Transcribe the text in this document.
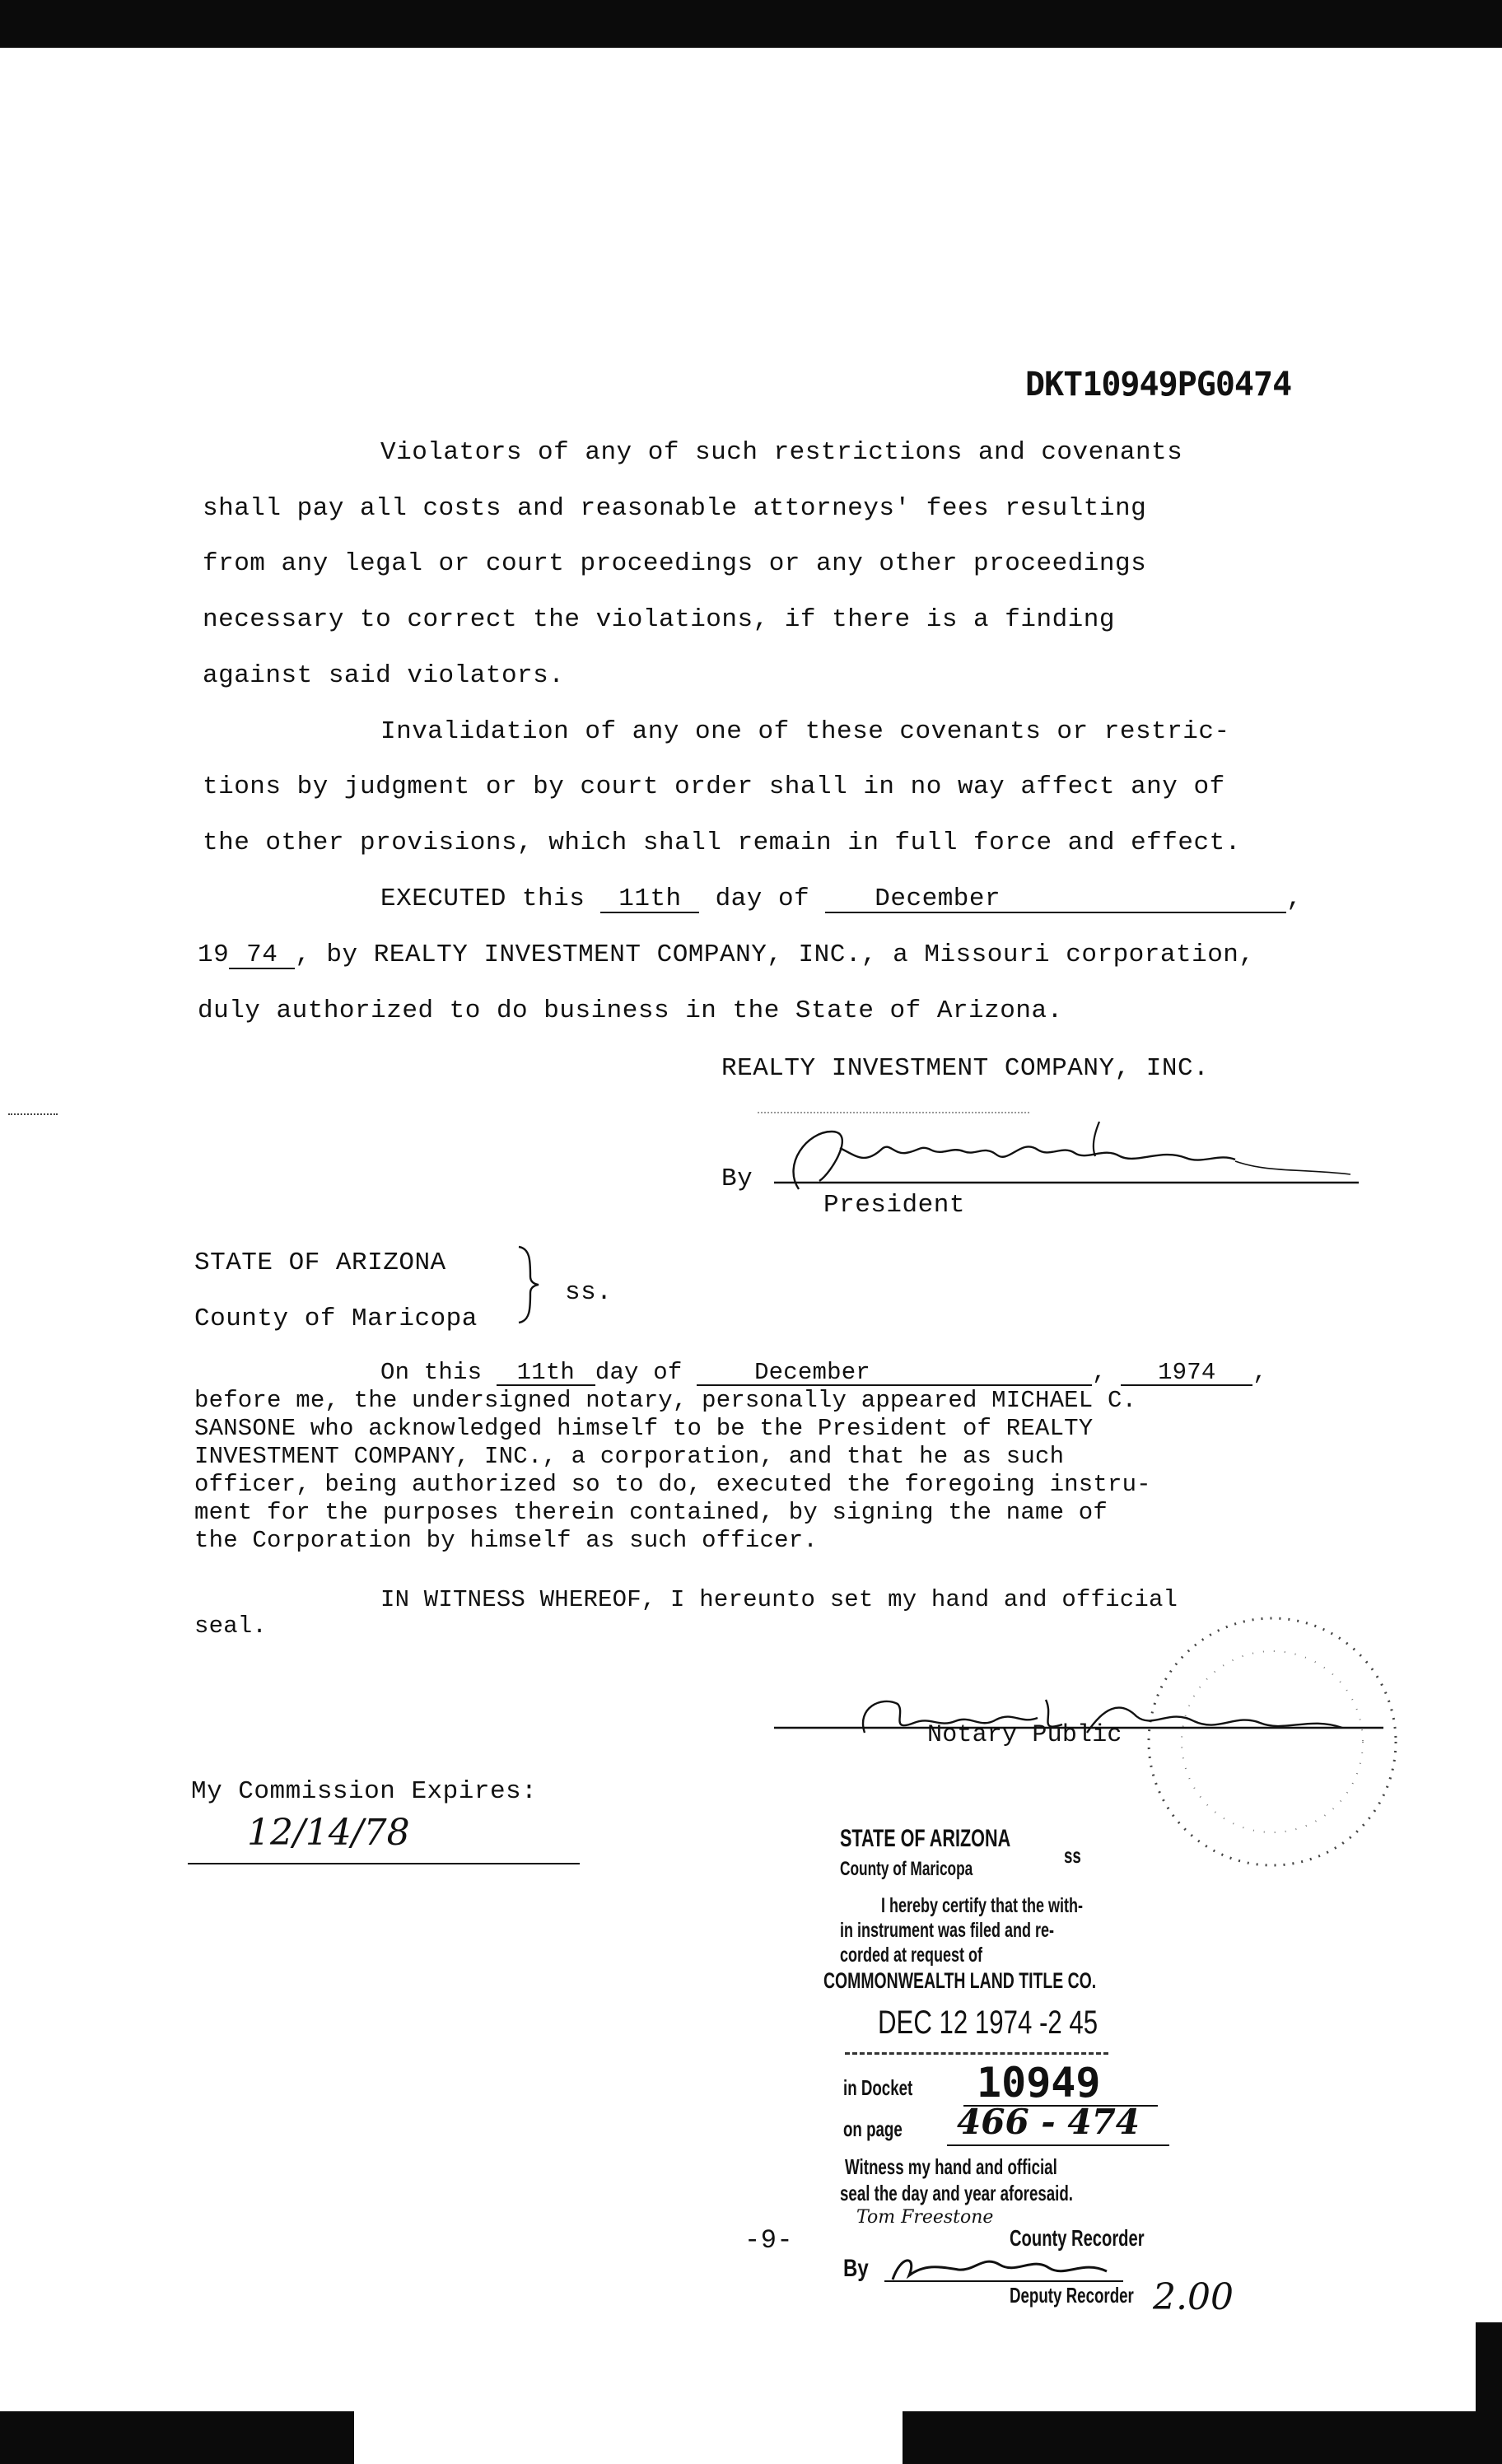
DKT10949PG0474
Violators of any of such restrictions and covenants
shall pay all costs and reasonable attorneys' fees resulting
from any legal or court proceedings or any other proceedings
necessary to correct the violations, if there is a finding
against said violators.
Invalidation of any one of these covenants or restric-
tions by judgment or by court order shall in no way affect any of
the other provisions, which shall remain in full force and effect.
EXECUTED this 11th day of	December	,
19 74 , by REALTY INVESTMENT COMPANY, INC., a Missouri corporation,
duly authorized to do business in the State of Arizona.
REALTY INVESTMENT COMPANY, INC.
By
President
STATE OF ARIZONA
County of Maricopa
ss.
On this 11th day of	December	, 1974 ,
before me, the undersigned notary, personally appeared MICHAEL C.
SANSONE who acknowledged himself to be the President of REALTY
INVESTMENT COMPANY, INC., a corporation, and that he as such
officer, being authorized so to do, executed the foregoing instru-
ment for the purposes therein contained, by signing the name of
the Corporation by himself as such officer.
IN WITNESS WHEREOF, I hereunto set my hand and official
seal.
Notary Public
My Commission Expires:
12/14/78	STATE OF ARIZONA
County of Maricopa
ss
I hereby certify that the with-
in instrument was filed and re-
corded at request of
COMMONWEALTH LAND TITLE CO.
DEC 12 1974 -2 45
in Docket 10949
on page 466 - 474
Witness my hand and official
seal the day and year aforesaid.
Tom Freestone
County Recorder
By
Deputy Recorder 2.00
-9-
